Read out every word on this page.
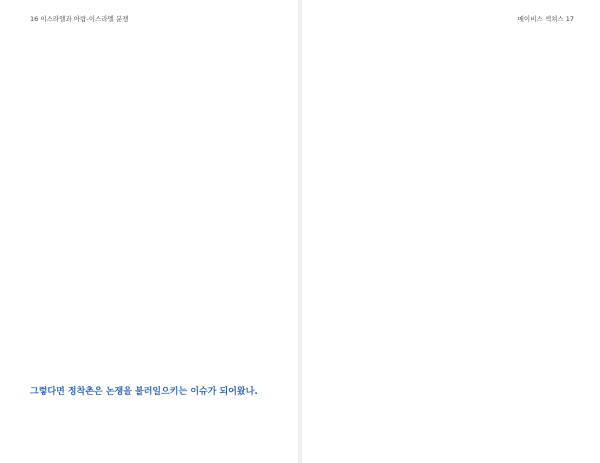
16 이스라엘과 아랍-이스라엘 분쟁

그렇다면 정착촌은 논쟁을 불러일으키는 이슈가 되어왔나.

메이비스 섹쳐스 17
